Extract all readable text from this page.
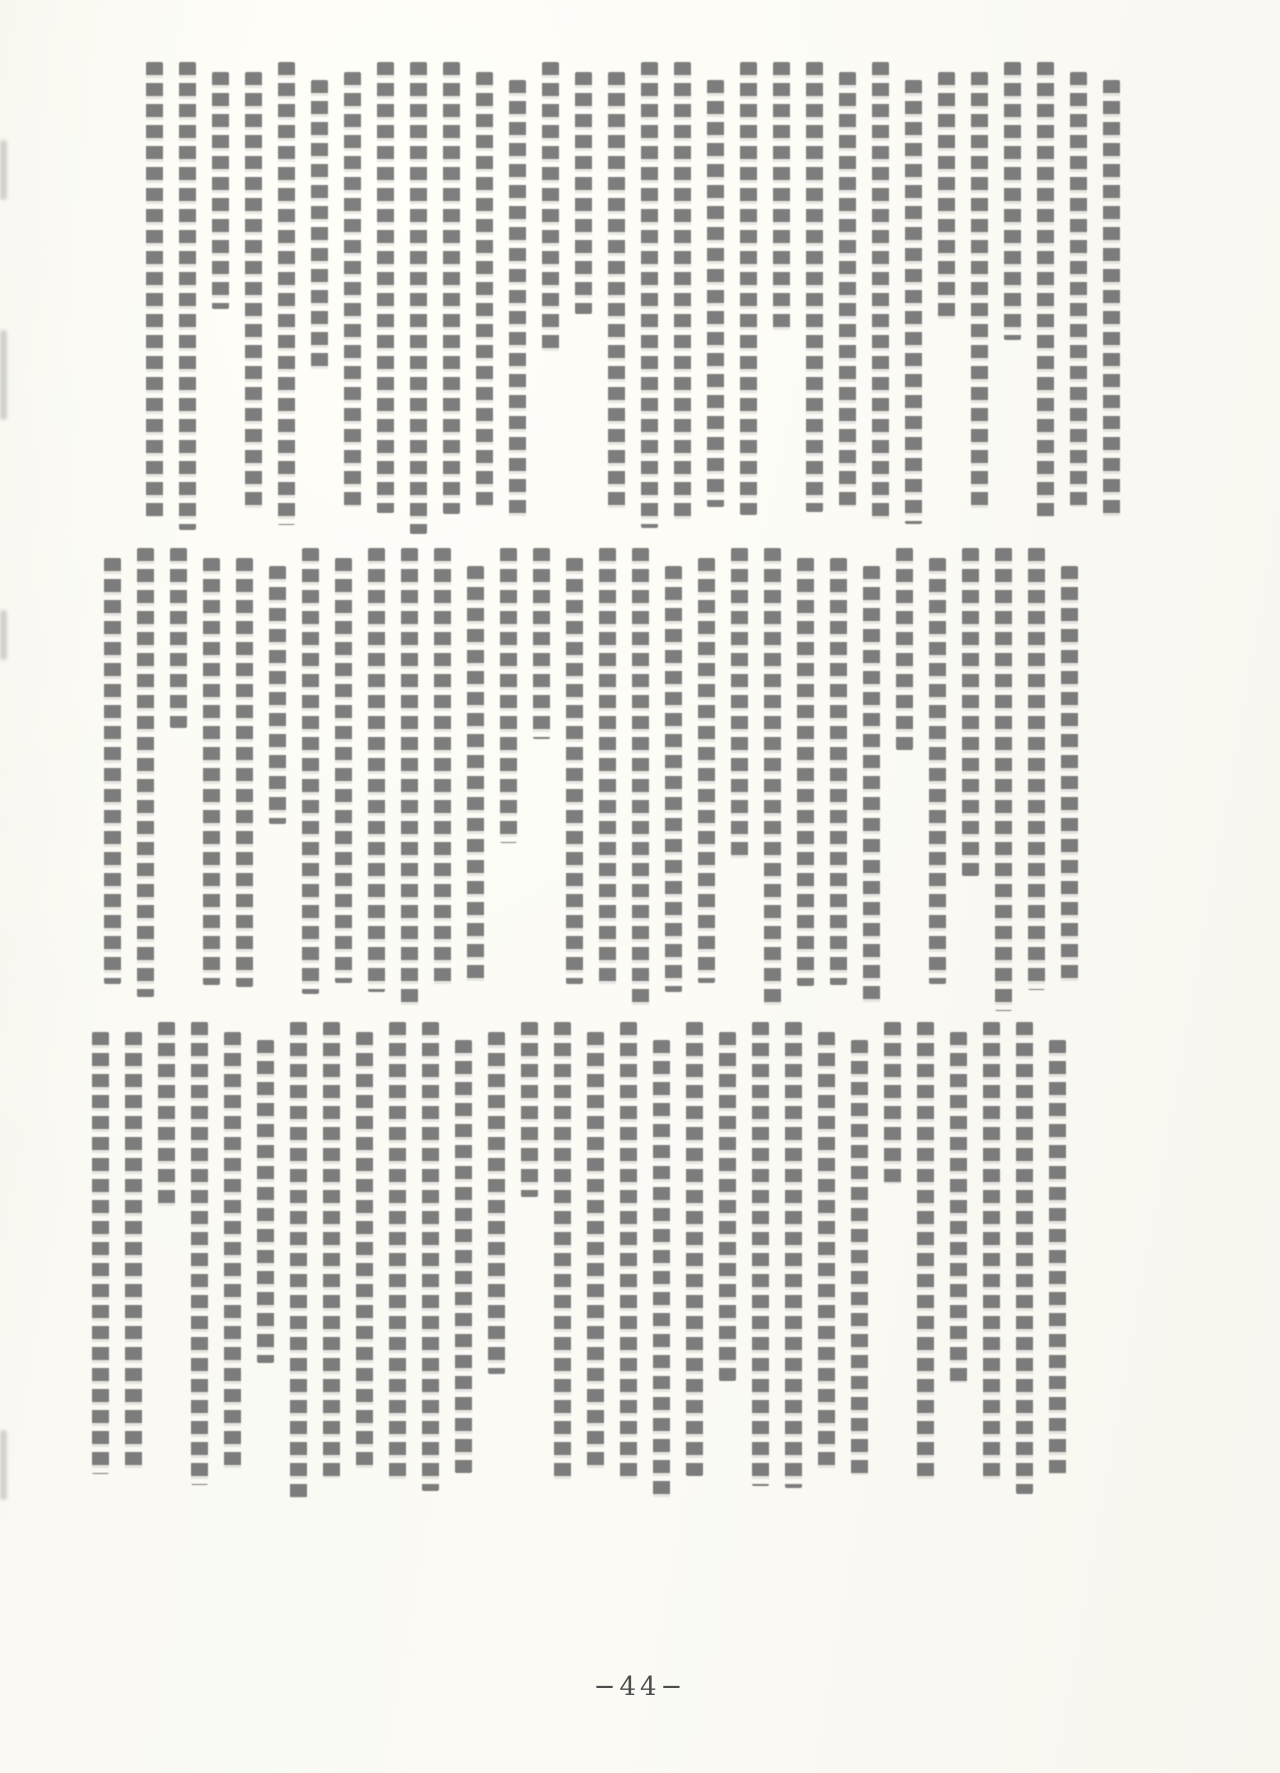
−44−
